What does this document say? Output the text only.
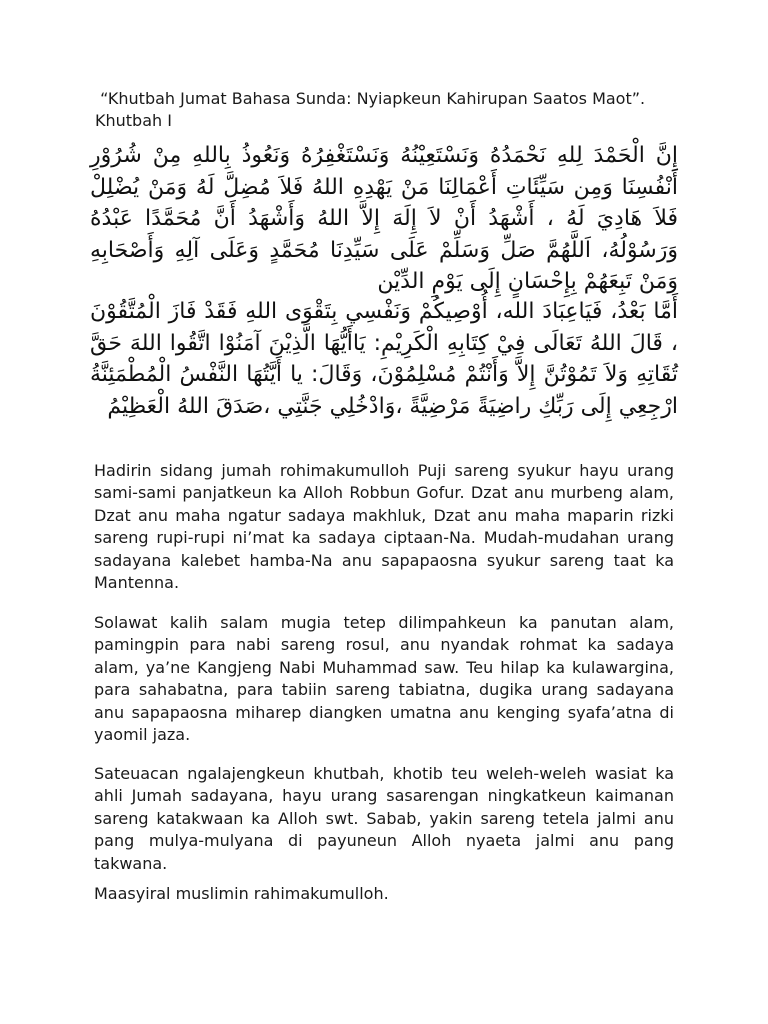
“Khutbah Jumat Bahasa Sunda: Nyiapkeun Kahirupan Saatos Maot”. Khutbah I

إِنَّ الْحَمْدَ لِلهِ نَحْمَدُهُ وَنَسْتَعِيْنُهُ وَنَسْتَغْفِرُهُ وَنَعُوذُ بِاللهِ مِنْ شُرُوْرِ أَنْفُسِنَا وَمِن سَيِّئَاتِ أَعْمَالِنَا مَنْ يَهْدِهِ اللهُ فَلاَ مُضِلَّ لَهُ وَمَنْ يُضْلِلْ فَلاَ هَادِيَ لَهُ ، أَشْهَدُ أَنْ لاَ إِلَهَ إِلاَّ اللهُ وَأَشْهَدُ أَنَّ مُحَمَّدًا عَبْدُهُ وَرَسُوْلُهُ، اَللَّهُمَّ صَلِّ وَسَلِّمْ عَلَى سَيِّدِنَا مُحَمَّدٍ وَعَلَى آلِهِ وَأَصْحَابِهِ وَمَنْ تَبِعَهُمْ بِإِحْسَانٍ إِلَى يَوْمِ الدِّيْن

أَمَّا بَعْدُ، فَيَاعِبَادَ الله، أُوْصِيكُمْ وَنَفْسِي بِتَقْوَى اللهِ فَقَدْ فَازَ الْمُتَّقُوْنَ ، قَالَ اللهُ تَعَالَى فِيْ كِتَابِهِ الْكَرِيْمِ: يَاأَيُّهَا الَّذِيْنَ آمَنُوْا اتَّقُوا اللهَ حَقَّ تُقَاتِهِ وَلاَ تَمُوْتُنَّ إِلاَّ وَأَنْتُمْ مُسْلِمُوْنَ، وَقَالَ: يا أَيَّتُهَا النَّفْسُ الْمُطْمَئِنَّةُ ارْجِعِي إِلَى رَبِّكِ راضِيَةً مَرْضِيَّةً ،وَادْخُلِي جَنَّتِي ،صَدَقَ اللهُ الْعَظِيْمُ

Hadirin sidang jumah rohimakumulloh Puji sareng syukur hayu urang sami-sami panjatkeun ka Alloh Robbun Gofur. Dzat anu murbeng alam, Dzat anu maha ngatur sadaya makhluk, Dzat anu maha maparin rizki sareng rupi-rupi ni’mat ka sadaya ciptaan-Na. Mudah-mudahan urang sadayana kalebet hamba-Na anu sapapaosna syukur sareng taat ka Mantenna.

Solawat kalih salam mugia tetep dilimpahkeun ka panutan alam, pamingpin para nabi sareng rosul, anu nyandak rohmat ka sadaya alam, ya’ne Kangjeng Nabi Muhammad saw. Teu hilap ka kulawargina, para sahabatna, para tabiin sareng tabiatna, dugika urang sadayana anu sapapaosna miharep diangken umatna anu kenging syafa’atna di yaomil jaza.

Sateuacan ngalajengkeun khutbah, khotib teu weleh-weleh wasiat ka ahli Jumah sadayana, hayu urang sasarengan ningkatkeun kaimanan sareng katakwaan ka Alloh swt. Sabab, yakin sareng tetela jalmi anu pang mulya-mulyana di payuneun Alloh nyaeta jalmi anu pang takwana.

Maasyiral muslimin rahimakumulloh.
